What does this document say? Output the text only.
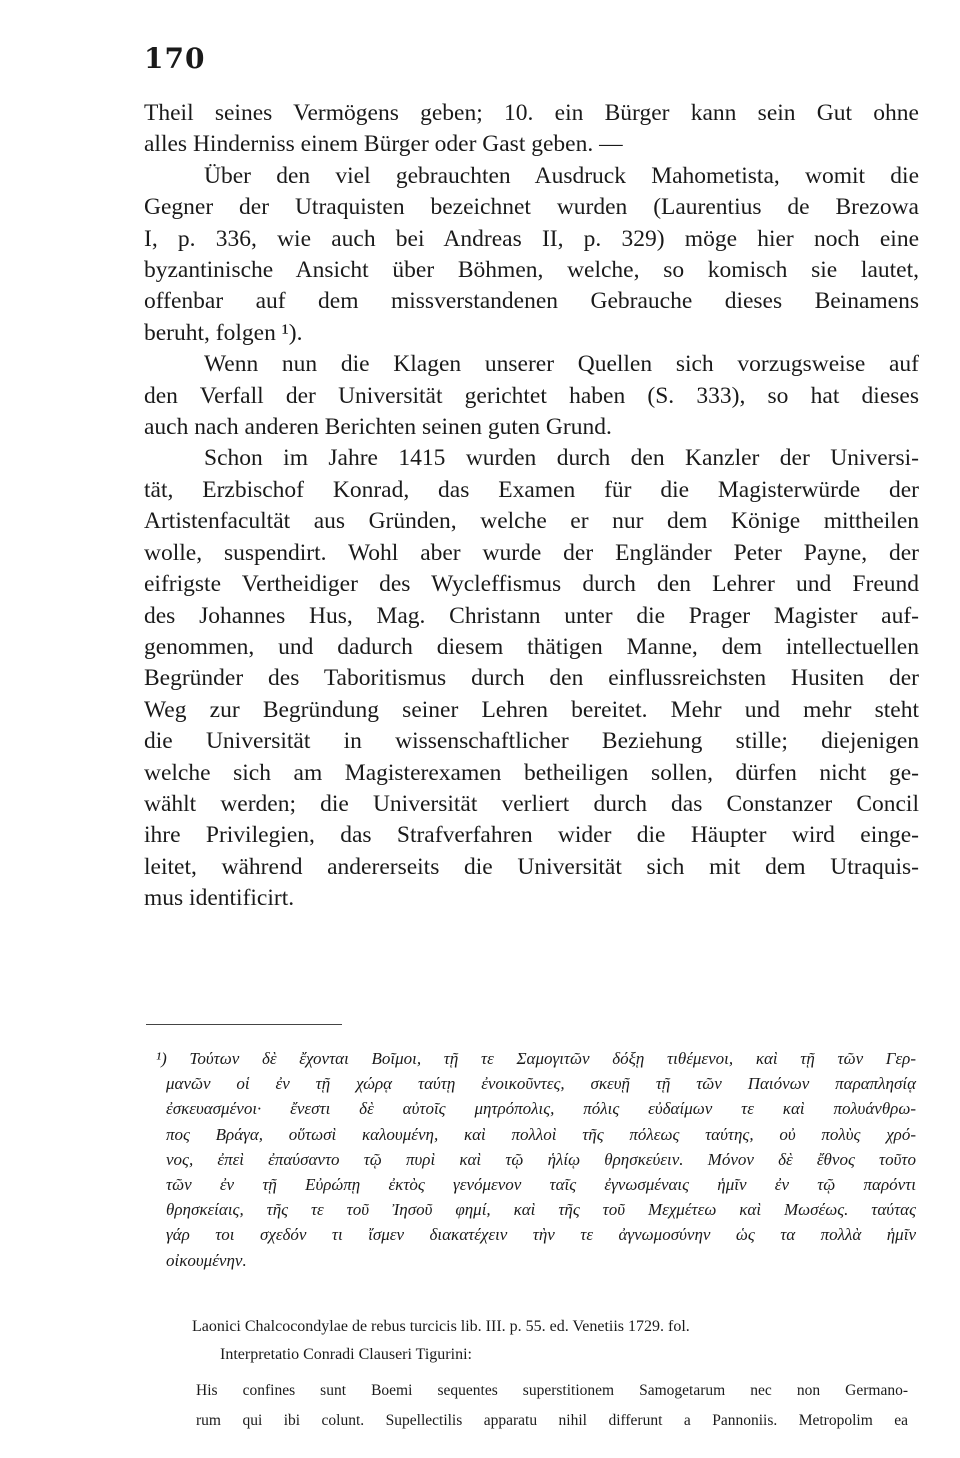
170
Theil seines Vermögens geben; 10. ein Bürger kann sein Gut ohne
alles Hinderniss einem Bürger oder Gast geben. —
Über den viel gebrauchten Ausdruck Mahometista, womit die
Gegner der Utraquisten bezeichnet wurden (Laurentius de Brezowa
I, p. 336, wie auch bei Andreas II, p. 329) möge hier noch eine
byzantinische Ansicht über Böhmen, welche, so komisch sie lautet,
offenbar auf dem missverstandenen Gebrauche dieses Beinamens
beruht, folgen ¹).
Wenn nun die Klagen unserer Quellen sich vorzugsweise auf
den Verfall der Universität gerichtet haben (S. 333), so hat dieses
auch nach anderen Berichten seinen guten Grund.
Schon im Jahre 1415 wurden durch den Kanzler der Universi-
tät, Erzbischof Konrad, das Examen für die Magisterwürde der
Artistenfacultät aus Gründen, welche er nur dem Könige mittheilen
wolle, suspendirt. Wohl aber wurde der Engländer Peter Payne, der
eifrigste Vertheidiger des Wycleffismus durch den Lehrer und Freund
des Johannes Hus, Mag. Christann unter die Prager Magister auf-
genommen, und dadurch diesem thätigen Manne, dem intellectuellen
Begründer des Taboritismus durch den einflussreichsten Husiten der
Weg zur Begründung seiner Lehren bereitet. Mehr und mehr steht
die Universität in wissenschaftlicher Beziehung stille; diejenigen
welche sich am Magisterexamen betheiligen sollen, dürfen nicht ge-
wählt werden; die Universität verliert durch das Constanzer Concil
ihre Privilegien, das Strafverfahren wider die Häupter wird einge-
leitet, während andererseits die Universität sich mit dem Utraquis-
mus identificirt.
¹) Τούτων δὲ ἔχονται Βοῖμοι, τῇ τε Σαμογιτῶν δόξῃ τιθέμενοι, καὶ τῇ τῶν Γερ-
μανῶν οἱ ἐν τῇ χώρᾳ ταύτῃ ἐνοικοῦντες, σκευῇ τῇ τῶν Παιόνων παραπλησίᾳ
ἐσκευασμένοι· ἔνεστι δὲ αὐτοῖς μητρόπολις, πόλις εὐδαίμων τε καὶ πολυάνθρω-
πος Βράγα, οὕτωσὶ καλουμένη, καὶ πολλοὶ τῆς πόλεως ταύτης, οὐ πολὺς χρό-
νος, ἐπεὶ ἐπαύσαντο τῷ πυρὶ καὶ τῷ ἡλίῳ θρησκεύειν. Μόνον δὲ ἔθνος τοῦτο
τῶν ἐν τῇ Εὐρώπῃ ἐκτὸς γενόμενον ταῖς ἐγνωσμέναις ἡμῖν ἐν τῷ παρόντι
θρησκείαις, τῆς τε τοῦ Ἰησοῦ φημί, καὶ τῆς τοῦ Μεχμέτεω καὶ Μωσέως. ταύτας
γάρ τοι σχεδόν τι ἴσμεν διακατέχειν τὴν τε ἀγνωμοσύνην ὡς τα πολλὰ ἡμῖν
οἰκουμένην.
Laonici Chalcocondylae de rebus turcicis lib. III. p. 55. ed. Venetiis 1729. fol.
Interpretatio Conradi Clauseri Tigurini:
His confines sunt Boemi sequentes superstitionem Samogetarum nec non Germano-
rum qui ibi colunt. Supellectilis apparatu nihil differunt a Pannoniis. Metropolim ea
